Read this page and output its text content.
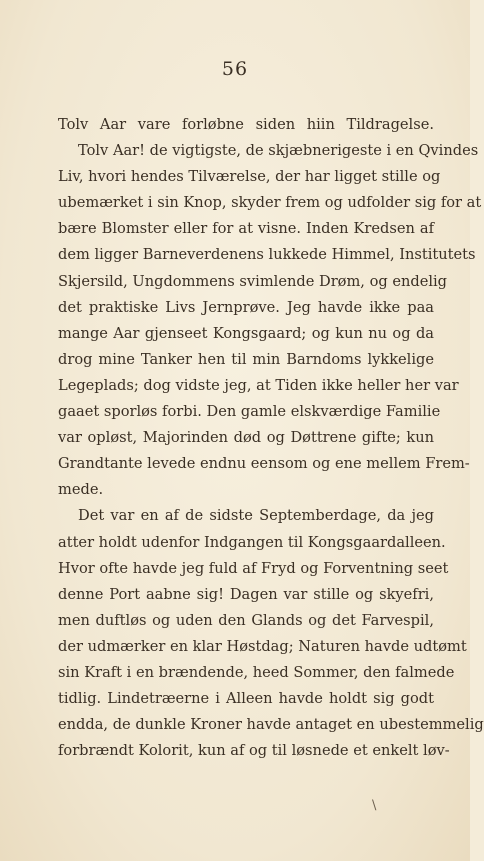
56
Tolv Aar vare forløbne siden hiin Tildragelse.
Tolv Aar! de vigtigste, de skjæbnerigeste i en Qvindes
Liv, hvori hendes Tilværelse, der har ligget stille og
ubemærket i sin Knop, skyder frem og udfolder sig for at
bære Blomster eller for at visne. Inden Kredsen af
dem ligger Barneverdenens lukkede Himmel, Institutets
Skjersild, Ungdommens svimlende Drøm, og endelig
det praktiske Livs Jernprøve. Jeg havde ikke paa
mange Aar gjenseet Kongsgaard; og kun nu og da
drog mine Tanker hen til min Barndoms lykkelige
Legeplads; dog vidste jeg, at Tiden ikke heller her var
gaaet sporløs forbi. Den gamle elskværdige Familie
var opløst, Majorinden død og Døttrene gifte; kun
Grandtante levede endnu eensom og ene mellem Frem-
mede.
Det var en af de sidste Septemberdage, da jeg
atter holdt udenfor Indgangen til Kongsgaardalleen.
Hvor ofte havde jeg fuld af Fryd og Forventning seet
denne Port aabne sig! Dagen var stille og skyefri,
men duftløs og uden den Glands og det Farvespil,
der udmærker en klar Høstdag; Naturen havde udtømt
sin Kraft i en brændende, heed Sommer, den falmede
tidlig. Lindetræerne i Alleen havde holdt sig godt
endda, de dunkle Kroner havde antaget en ubestemmelig
forbrændt Kolorit, kun af og til løsnede et enkelt løv-
\
